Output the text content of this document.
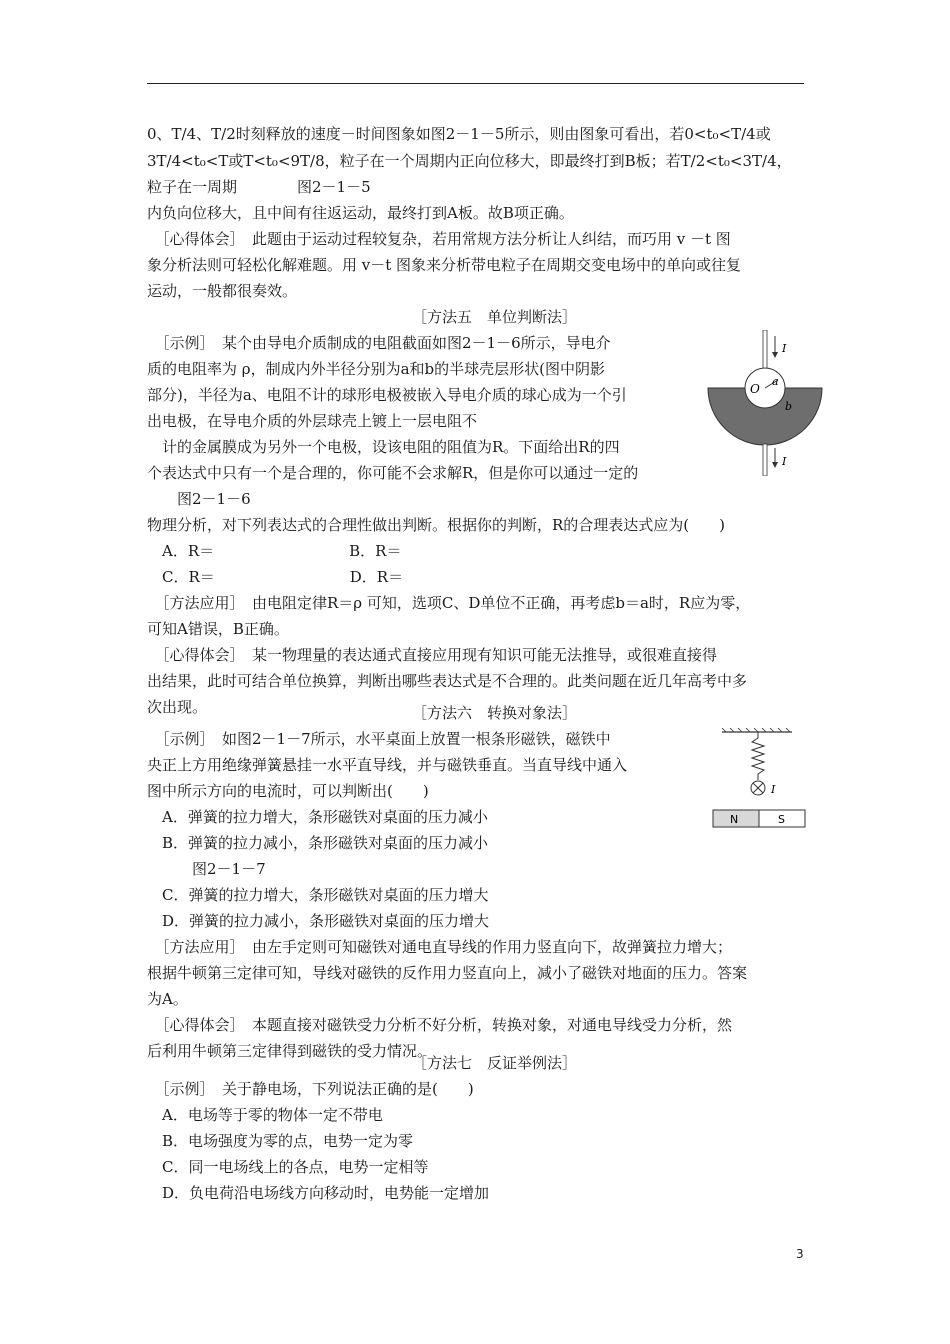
0、T/4、T/2时刻释放的速度－时间图象如图2－1－5所示，则由图象可看出，若0<t₀<T/4或
3T/4<t₀<T或T<t₀<9T/8，粒子在一个周期内正向位移大，即最终打到B板；若T/2<t₀<3T/4，
粒子在一周期　　　　图2－1－5
内负向位移大，且中间有往返运动，最终打到A板。故B项正确。
　［心得体会］　此题由于运动过程较复杂，若用常规方法分析让人纠结，而巧用 v －t 图
象分析法则可轻松化解难题。用 v－t 图象来分析带电粒子在周期交变电场中的单向或往复
运动，一般都很奏效。
［方法五　单位判断法］
　［示例］　某个由导电介质制成的电阻截面如图2－1－6所示，导电介
质的电阻率为 ρ，制成内外半径分别为a和b的半球壳层形状(图中阴影
部分)，半径为a、电阻不计的球形电极被嵌入导电介质的球心成为一个引
出电极，在导电介质的外层球壳上镀上一层电阻不
　计的金属膜成为另外一个电极，设该电阻的阻值为R。下面给出R的四
个表达式中只有一个是合理的，你可能不会求解R，但是你可以通过一定的
　　图2－1－6
物理分析，对下列表达式的合理性做出判断。根据你的判断，R的合理表达式应为(　　)
　A．R＝　　　　　　　　　B．R＝
　C．R＝　　　　　　　　　D．R＝
　［方法应用］　由电阻定律R＝ρ 可知，选项C、D单位不正确，再考虑b＝a时，R应为零，
可知A错误，B正确。
　［心得体会］　某一物理量的表达通式直接应用现有知识可能无法推导，或很难直接得
出结果，此时可结合单位换算，判断出哪些表达式是不合理的。此类问题在近几年高考中多
次出现。
O
a
b
I
I
［方法六　转换对象法］
　［示例］　如图2－1－7所示，水平桌面上放置一根条形磁铁，磁铁中
央正上方用绝缘弹簧悬挂一水平直导线，并与磁铁垂直。当直导线中通入
图中所示方向的电流时，可以判断出(　　)
　A．弹簧的拉力增大，条形磁铁对桌面的压力减小
　B．弹簧的拉力减小，条形磁铁对桌面的压力减小
　　　图2－1－7
　C．弹簧的拉力增大，条形磁铁对桌面的压力增大
　D．弹簧的拉力减小，条形磁铁对桌面的压力增大
　［方法应用］　由左手定则可知磁铁对通电直导线的作用力竖直向下，故弹簧拉力增大；
根据牛顿第三定律可知，导线对磁铁的反作用力竖直向上，减小了磁铁对地面的压力。答案
为A。
　［心得体会］　本题直接对磁铁受力分析不好分析，转换对象，对通电导线受力分析，然
后利用牛顿第三定律得到磁铁的受力情况。
I
N	S
［方法七　反证举例法］
　［示例］　关于静电场，下列说法正确的是(　　)
　A．电场等于零的物体一定不带电
　B．电场强度为零的点，电势一定为零
　C．同一电场线上的各点，电势一定相等
　D．负电荷沿电场线方向移动时，电势能一定增加
3
